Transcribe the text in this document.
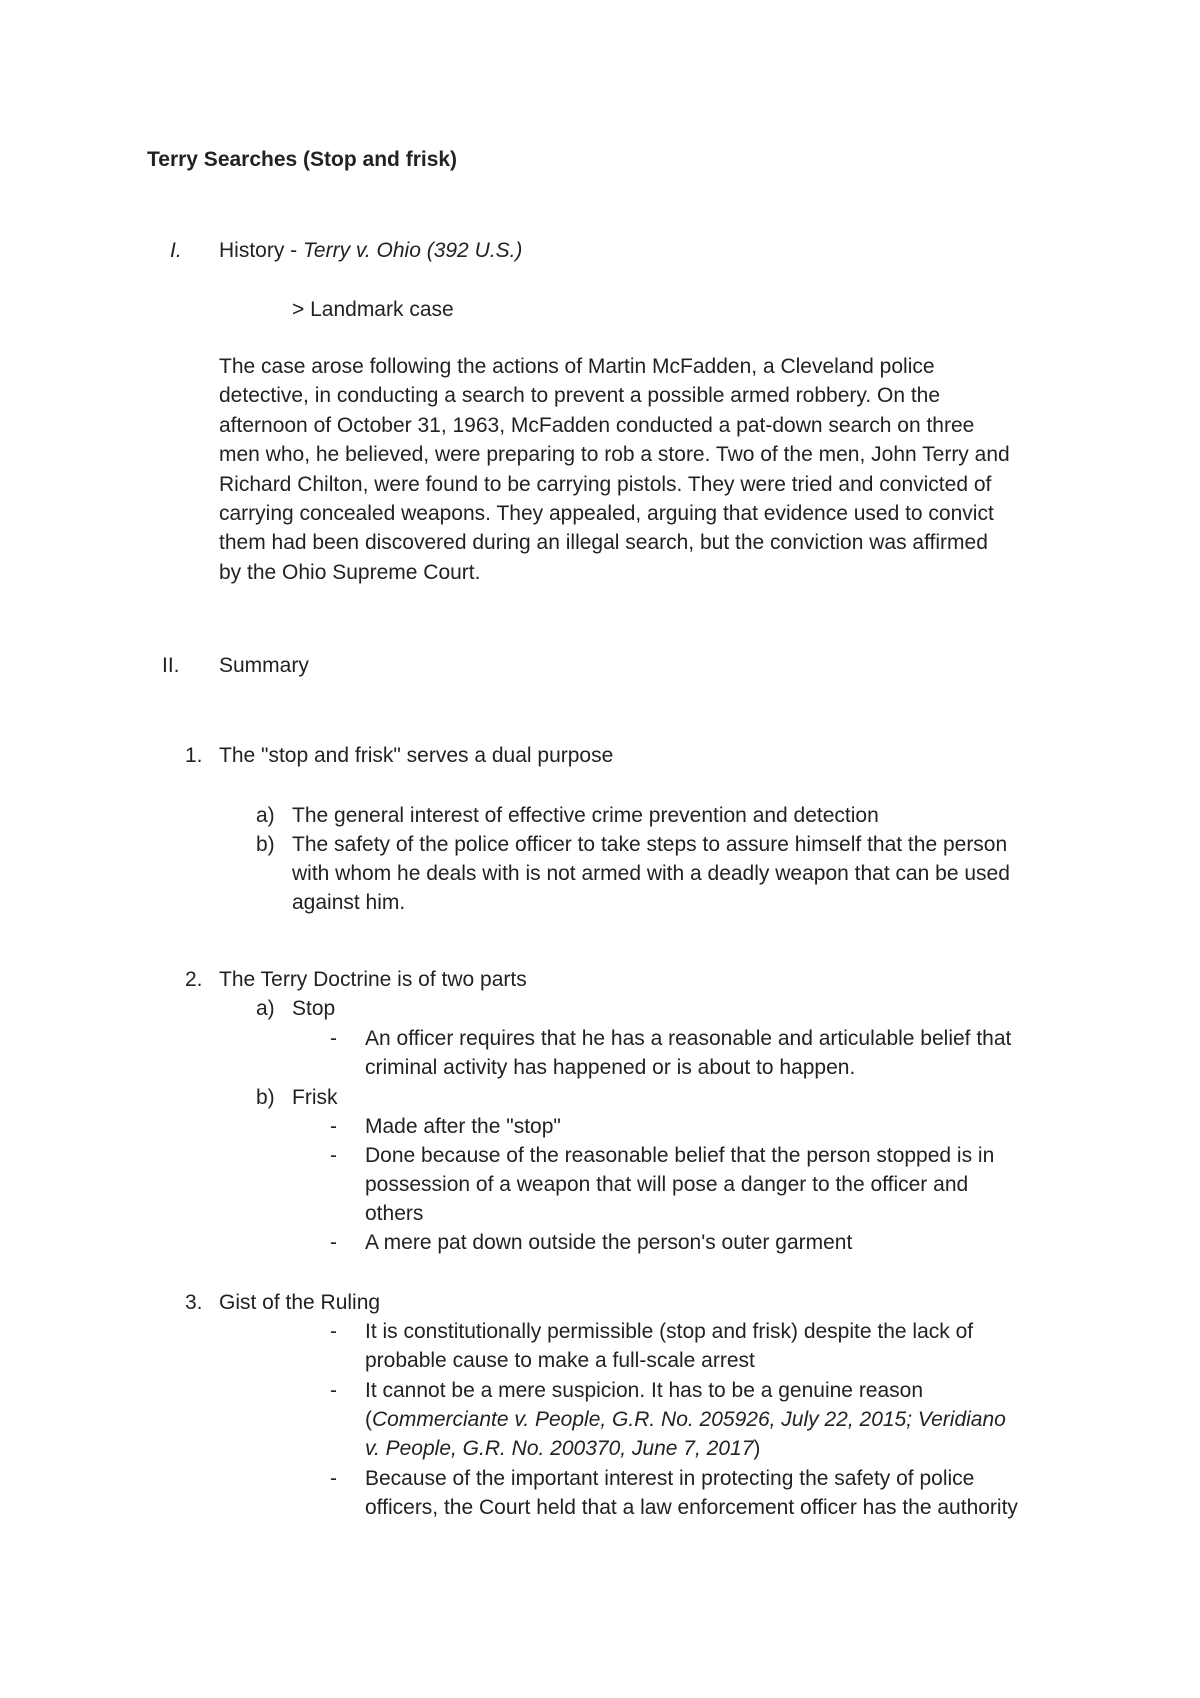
Terry Searches (Stop and frisk)
I. History - Terry v. Ohio (392 U.S.)
> Landmark case
The case arose following the actions of Martin McFadden, a Cleveland police
detective, in conducting a search to prevent a possible armed robbery. On the
afternoon of October 31, 1963, McFadden conducted a pat-down search on three
men who, he believed, were preparing to rob a store. Two of the men, John Terry and
Richard Chilton, were found to be carrying pistols. They were tried and convicted of
carrying concealed weapons. They appealed, arguing that evidence used to convict
them had been discovered during an illegal search, but the conviction was affirmed
by the Ohio Supreme Court.
II. Summary
1. The "stop and frisk" serves a dual purpose
a) The general interest of effective crime prevention and detection
b) The safety of the police officer to take steps to assure himself that the person
with whom he deals with is not armed with a deadly weapon that can be used
against him.
2. The Terry Doctrine is of two parts
a) Stop
- An officer requires that he has a reasonable and articulable belief that
criminal activity has happened or is about to happen.
b) Frisk
- Made after the "stop"
- Done because of the reasonable belief that the person stopped is in
possession of a weapon that will pose a danger to the officer and
others
- A mere pat down outside the person's outer garment
3. Gist of the Ruling
- It is constitutionally permissible (stop and frisk) despite the lack of
probable cause to make a full-scale arrest
- It cannot be a mere suspicion. It has to be a genuine reason
(Commerciante v. People, G.R. No. 205926, July 22, 2015; Veridiano
v. People, G.R. No. 200370, June 7, 2017)
- Because of the important interest in protecting the safety of police
officers, the Court held that a law enforcement officer has the authority
